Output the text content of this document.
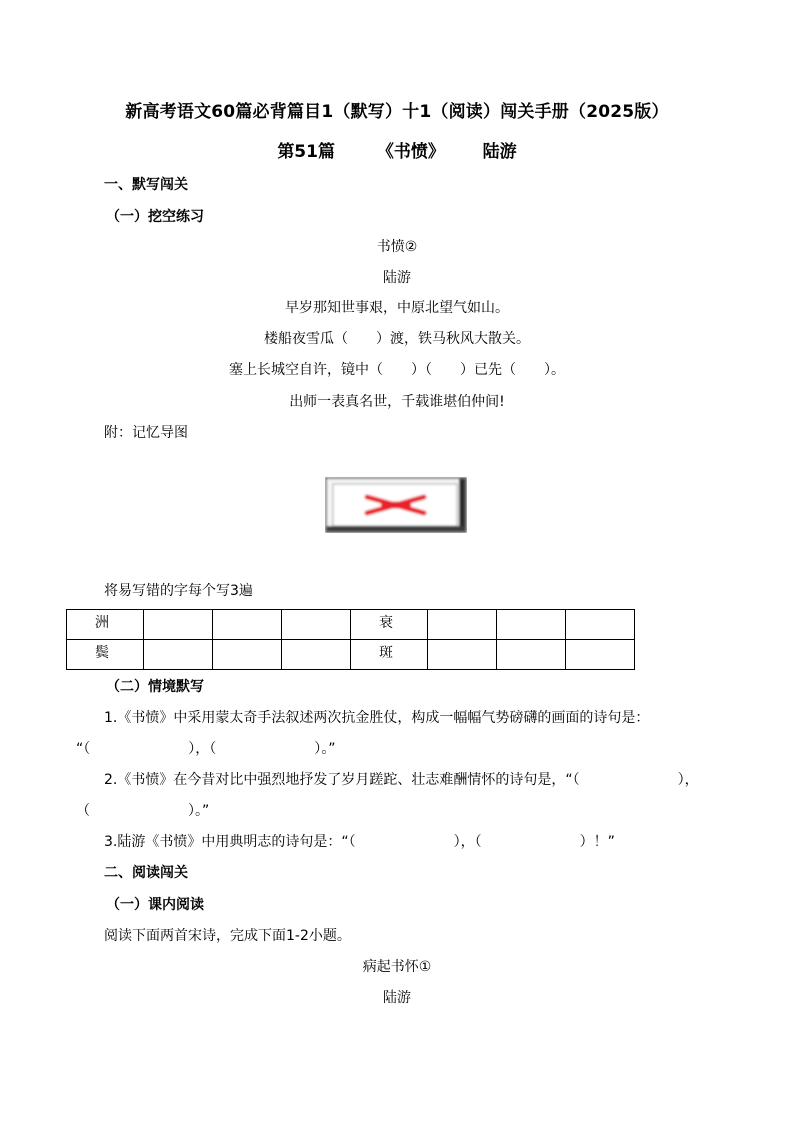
新高考语文60篇必背篇目1（默写）十1（阅读）闯关手册（2025版）
第51篇 《书愤》 陆游
一、默写闯关
（一）挖空练习
书愤②
陆游
早岁那知世事艰，中原北望气如山。
楼船夜雪瓜（　　）渡，铁马秋风大散关。
塞上长城空自许，镜中（　　）（　　）已先（　　）。
出师一表真名世，千载谁堪伯仲间!
附：记忆导图
将易写错的字每个写3遍
洲				衰			
鬓				斑			
（二）情境默写
1.《书愤》中采用蒙太奇手法叙述两次抗金胜仗，构成一幅幅气势磅礴的画面的诗句是：
“（　　　　　　　），（　　　　　　　）。”
2.《书愤》在今昔对比中强烈地抒发了岁月蹉跎、壮志难酬情怀的诗句是，“（　　　　　　　），
（　　　　　　　）。”
3.陆游《书愤》中用典明志的诗句是：“（　　　　　　　），（　　　　　　　）！”
二、阅读闯关
（一）课内阅读
阅读下面两首宋诗，完成下面1-2小题。
病起书怀①
陆游
